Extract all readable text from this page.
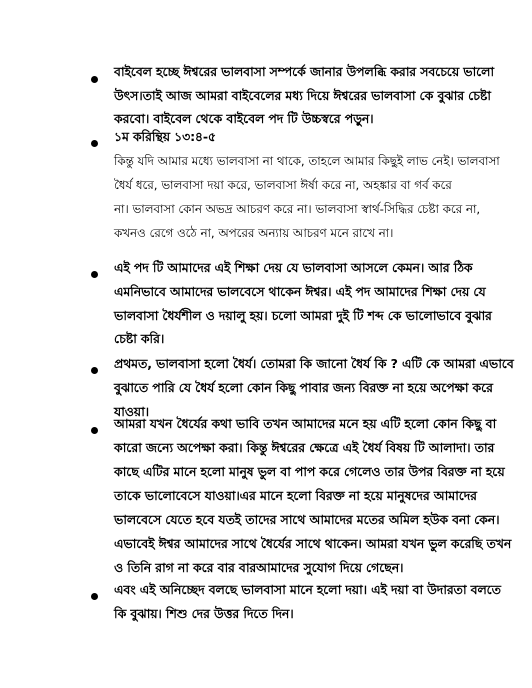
বাইবেল হচ্ছে ঈশ্বরের ভালবাসা সম্পর্কে জানার উপলব্ধি করার সবচেয়ে ভালো
উৎস।তাই আজ আমরা বাইবেলের মধ্য দিয়ে ঈশ্বরের ভালবাসা কে বুঝার চেষ্টা
করবো। বাইবেল থেকে বাইবেল পদ টি উচ্চস্বরে পড়ুন।
১ম করিন্থিয় ১৩:৪-৫
কিন্তু যদি আমার মধ্যে ভালবাসা না থাকে, তাহলে আমার কিছুই লাভ নেই। ভালবাসা
ধৈর্য ধরে, ভালবাসা দয়া করে, ভালবাসা ঈর্ষা করে না, অহঙ্কার বা গর্ব করে
না। ভালবাসা কোন অভদ্র আচরণ করে না। ভালবাসা স্বার্থ-সিদ্ধির চেষ্টা করে না,
কখনও রেগে ওঠে না, অপরের অন্যায় আচরণ মনে রাখে না।
এই পদ টি আমাদের এই শিক্ষা দেয় যে ভালবাসা আসলে কেমন। আর ঠিক
এমনিভাবে আমাদের ভালবেসে থাকেন ঈশ্বর। এই পদ আমাদের শিক্ষা দেয় যে
ভালবাসা ধৈর্যশীল ও দয়ালু হয়। চলো আমরা দুই টি শব্দ কে ভালোভাবে বুঝার
চেষ্টা করি।
প্রথমত, ভালবাসা হলো ধৈর্য। তোমরা কি জানো ধৈর্য কি ? এটি কে আমরা এভাবে
বুঝাতে পারি যে ধৈর্য হলো কোন কিছু পাবার জন্য বিরক্ত না হয়ে অপেক্ষা করে
যাওয়া।
আমরা যখন ধৈর্যের কথা ভাবি তখন আমাদের মনে হয় এটি হলো কোন কিছু বা
কারো জন্যে অপেক্ষা করা। কিন্তু ঈশ্বরের ক্ষেত্রে এই ধৈর্য বিষয় টি আলাদা। তার
কাছে এটির মানে হলো মানুষ ভুল বা পাপ করে গেলেও তার উপর বিরক্ত না হয়ে
তাকে ভালোবেসে যাওয়া।এর মানে হলো বিরক্ত না হয়ে মানুষদের আমাদের
ভালবেসে যেতে হবে যতই তাদের সাথে আমাদের মতের অমিল হউক বনা কেন।
এভাবেই ঈশ্বর আমাদের সাথে ধৈর্যের সাথে থাকেন। আমরা যখন ভুল করেছি তখন
ও তিনি রাগ না করে বার বারআমাদের সুযোগ দিয়ে গেছেন।
এবং এই অনিচ্ছেদ বলছে ভালবাসা মানে হলো দয়া। এই দয়া বা উদারতা বলতে
কি বুঝায়। শিশু দের উত্তর দিতে দিন।
